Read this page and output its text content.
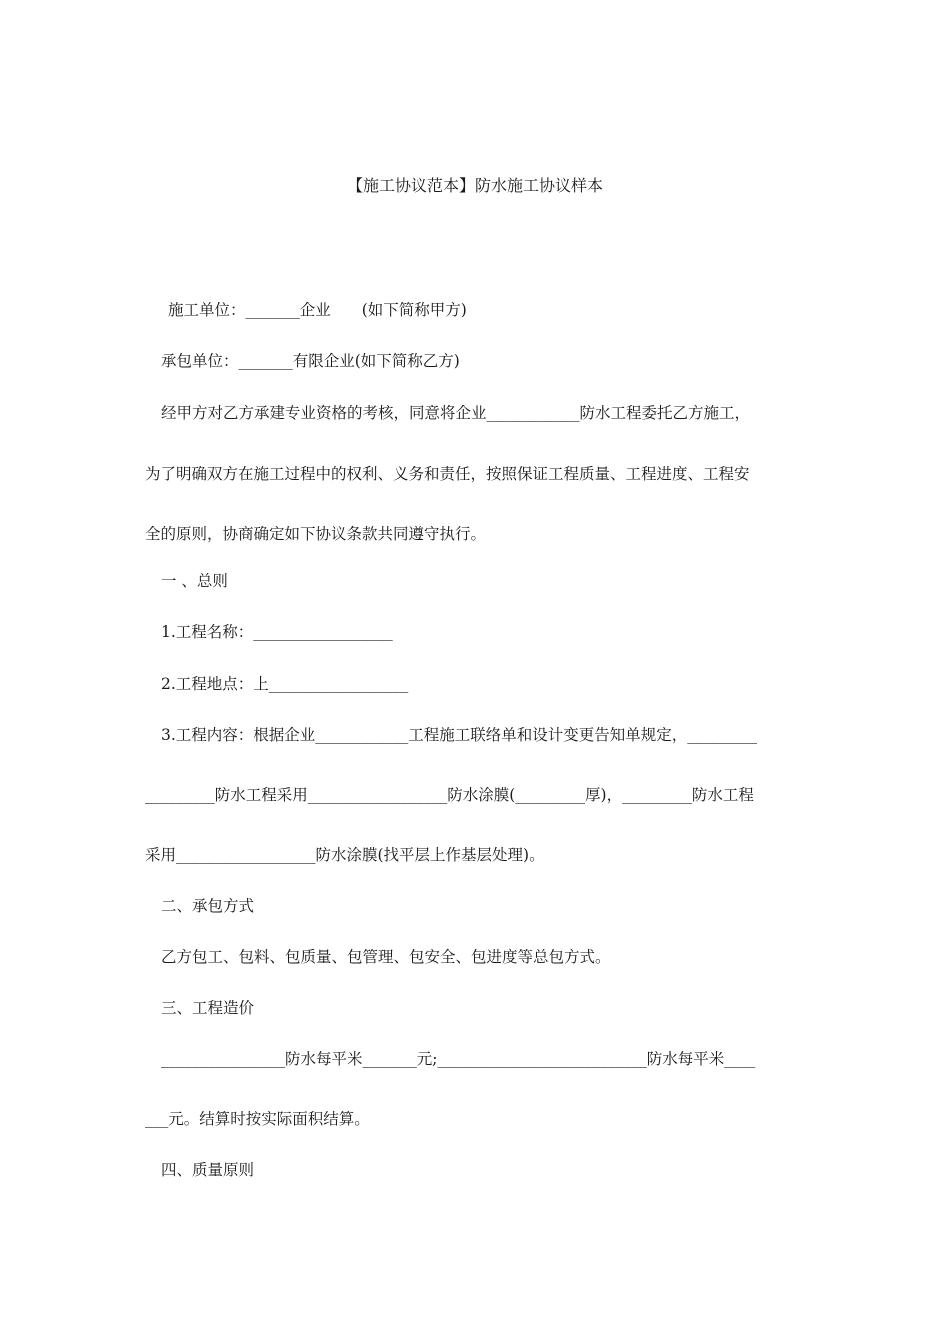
【施工协议范本】防水施工协议样本
施工单位：_______企业　　(如下简称甲方)
承包单位：_______有限企业(如下简称乙方)
经甲方对乙方承建专业资格的考核，同意将企业____________防水工程委托乙方施工，
为了明确双方在施工过程中的权利、义务和责任，按照保证工程质量、工程进度、工程安
全的原则，协商确定如下协议条款共同遵守执行。
一 、总则
1.工程名称：__________________
2.工程地点：上__________________
3.工程内容：根据企业____________工程施工联络单和设计变更告知单规定，_________
_________防水工程采用__________________防水涂膜(_________厚)，_________防水工程
采用__________________防水涂膜(找平层上作基层处理)。
二、承包方式
乙方包工、包料、包质量、包管理、包安全、包进度等总包方式。
三、工程造价
________________防水每平米_______元;___________________________防水每平米____
___元。结算时按实际面积结算。
四、质量原则
